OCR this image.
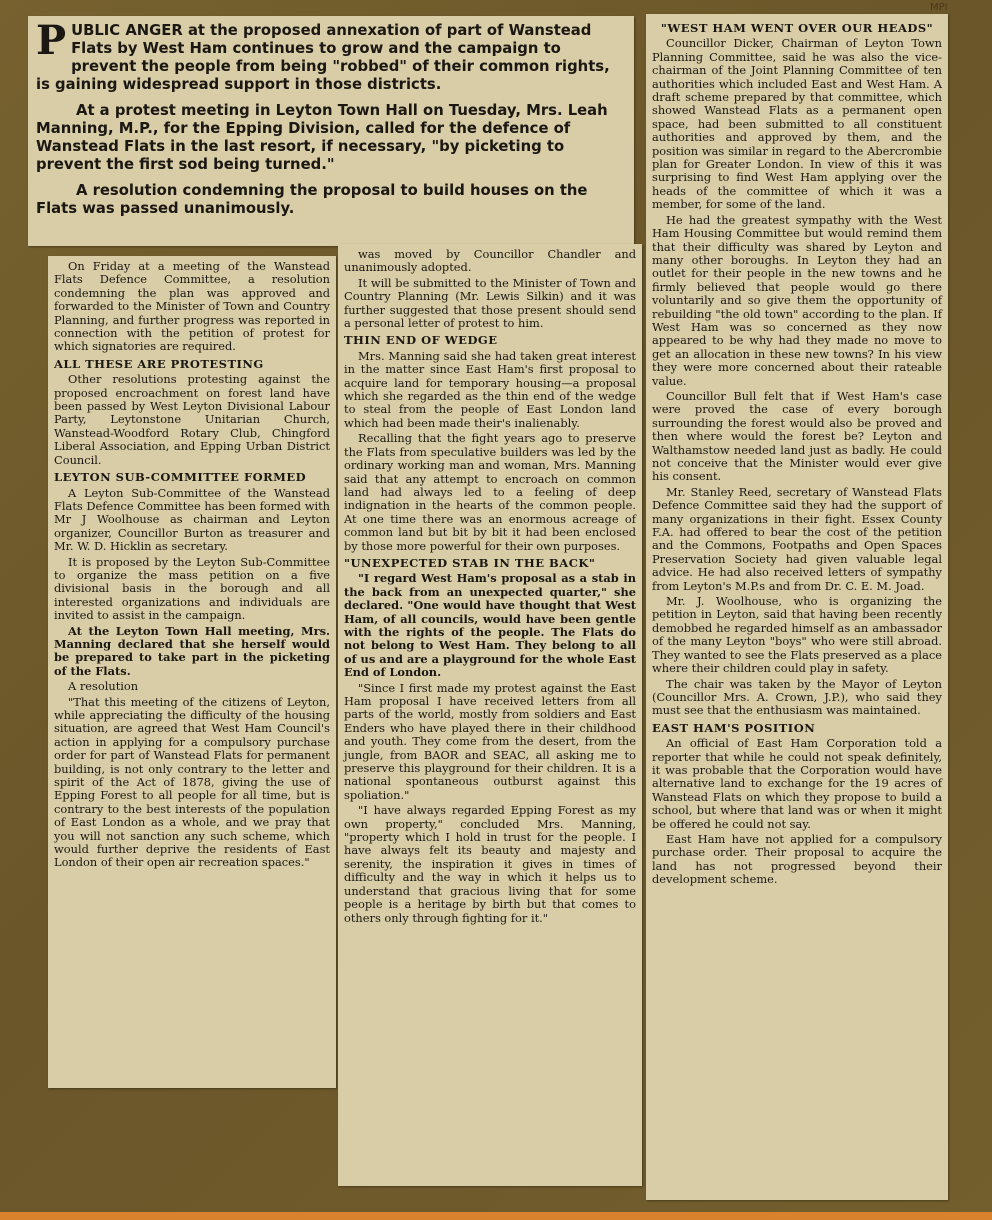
MPI

PUBLIC ANGER at the proposed annexation of part of Wanstead Flats by West Ham continues to grow and the campaign to prevent the people from being "robbed" of their common rights, is gaining widespread support in those districts.

At a protest meeting in Leyton Town Hall on Tuesday, Mrs. Leah Manning, M.P., for the Epping Division, called for the defence of Wanstead Flats in the last resort, if necessary, "by picketing to prevent the first sod being turned."

A resolution condemning the proposal to build houses on the Flats was passed unanimously.

On Friday at a meeting of the Wanstead Flats Defence Committee, a resolution condemning the plan was approved and forwarded to the Minister of Town and Country Planning, and further progress was reported in connection with the petition of protest for which signatories are required.

ALL THESE ARE PROTESTING

Other resolutions protesting against the proposed encroachment on forest land have been passed by West Leyton Divisional Labour Party, Leytonstone Unitarian Church, Wanstead-Woodford Rotary Club, Chingford Liberal Association, and Epping Urban District Council.

LEYTON SUB-COMMITTEE FORMED

A Leyton Sub-Committee of the Wanstead Flats Defence Committee has been formed with Mr J Woolhouse as chairman and Leyton organizer, Councillor Burton as treasurer and Mr. W. D. Hicklin as secretary.

It is proposed by the Leyton Sub-Committee to organize the mass petition on a five divisional basis in the borough and all interested organizations and individuals are invited to assist in the campaign.

At the Leyton Town Hall meeting, Mrs. Manning declared that she herself would be prepared to take part in the picketing of the Flats.

A resolution

"That this meeting of the citizens of Leyton, while appreciating the difficulty of the housing situation, are agreed that West Ham Council's action in applying for a compulsory purchase order for part of Wanstead Flats for permanent building, is not only contrary to the letter and spirit of the Act of 1878, giving the use of Epping Forest to all people for all time, but is contrary to the best interests of the population of East London as a whole, and we pray that you will not sanction any such scheme, which would further deprive the residents of East London of their open air recreation spaces."

was moved by Councillor Chandler and unanimously adopted.

It will be submitted to the Minister of Town and Country Planning (Mr. Lewis Silkin) and it was further suggested that those present should send a personal letter of protest to him.

THIN END OF WEDGE

Mrs. Manning said she had taken great interest in the matter since East Ham's first proposal to acquire land for temporary housing—a proposal which she regarded as the thin end of the wedge to steal from the people of East London land which had been made their's inalienably.

Recalling that the fight years ago to preserve the Flats from speculative builders was led by the ordinary working man and woman, Mrs. Manning said that any attempt to encroach on common land had always led to a feeling of deep indignation in the hearts of the common people. At one time there was an enormous acreage of common land but bit by bit it had been enclosed by those more powerful for their own purposes.

"UNEXPECTED STAB IN THE BACK"

"I regard West Ham's proposal as a stab in the back from an unexpected quarter," she declared. "One would have thought that West Ham, of all councils, would have been gentle with the rights of the people. The Flats do not belong to West Ham. They belong to all of us and are a playground for the whole East End of London.

"Since I first made my protest against the East Ham proposal I have received letters from all parts of the world, mostly from soldiers and East Enders who have played there in their childhood and youth. They come from the desert, from the jungle, from BAOR and SEAC, all asking me to preserve this playground for their children. It is a national spontaneous outburst against this spoliation."

"I have always regarded Epping Forest as my own property," concluded Mrs. Manning, "property which I hold in trust for the people. I have always felt its beauty and majesty and serenity, the inspiration it gives in times of difficulty and the way in which it helps us to understand that gracious living that for some people is a heritage by birth but that comes to others only through fighting for it."

"WEST HAM WENT OVER OUR HEADS"

Councillor Dicker, Chairman of Leyton Town Planning Committee, said he was also the vice-chairman of the Joint Planning Committee of ten authorities which included East and West Ham. A draft scheme prepared by that committee, which showed Wanstead Flats as a permanent open space, had been submitted to all constituent authorities and approved by them, and the position was similar in regard to the Abercrombie plan for Greater London. In view of this it was surprising to find West Ham applying over the heads of the committee of which it was a member, for some of the land.

He had the greatest sympathy with the West Ham Housing Committee but would remind them that their difficulty was shared by Leyton and many other boroughs. In Leyton they had an outlet for their people in the new towns and he firmly believed that people would go there voluntarily and so give them the opportunity of rebuilding "the old town" according to the plan. If West Ham was so concerned as they now appeared to be why had they made no move to get an allocation in these new towns? In his view they were more concerned about their rateable value.

Councillor Bull felt that if West Ham's case were proved the case of every borough surrounding the forest would also be proved and then where would the forest be? Leyton and Walthamstow needed land just as badly. He could not conceive that the Minister would ever give his consent.

Mr. Stanley Reed, secretary of Wanstead Flats Defence Committee said they had the support of many organizations in their fight. Essex County F.A. had offered to bear the cost of the petition and the Commons, Footpaths and Open Spaces Preservation Society had given valuable legal advice. He had also received letters of sympathy from Leyton's M.P.s and from Dr. C. E. M. Joad.

Mr. J. Woolhouse, who is organizing the petition in Leyton, said that having been recently demobbed he regarded himself as an ambassador of the many Leyton "boys" who were still abroad. They wanted to see the Flats preserved as a place where their children could play in safety.

The chair was taken by the Mayor of Leyton (Councillor Mrs. A. Crown, J.P.), who said they must see that the enthusiasm was maintained.

EAST HAM'S POSITION

An official of East Ham Corporation told a reporter that while he could not speak definitely, it was probable that the Corporation would have alternative land to exchange for the 19 acres of Wanstead Flats on which they propose to build a school, but where that land was or when it might be offered he could not say.

East Ham have not applied for a compulsory purchase order. Their proposal to acquire the land has not progressed beyond their development scheme.
